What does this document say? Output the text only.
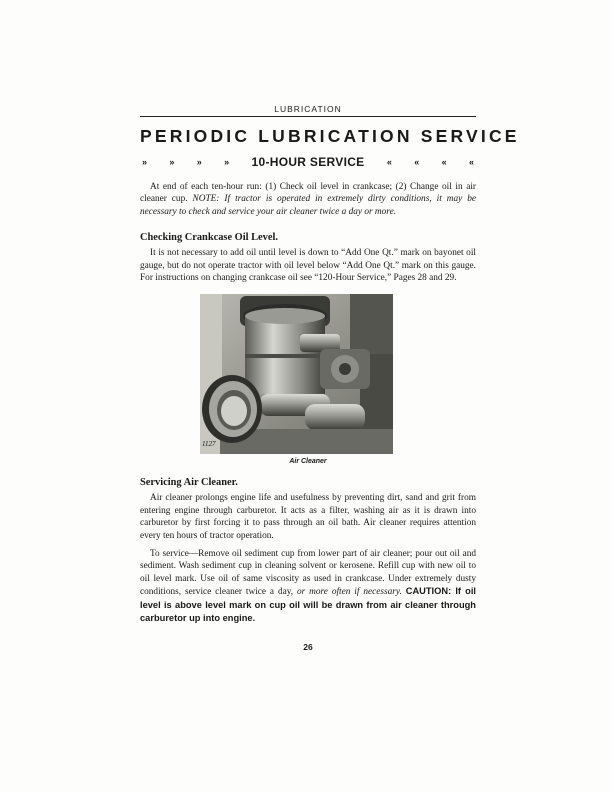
LUBRICATION
PERIODIC LUBRICATION SERVICE
» » » » 10-HOUR SERVICE « « « «

At end of each ten-hour run: (1) Check oil level in crankcase; (2) Change oil in air cleaner cup. NOTE: If tractor is operated in extremely dirty conditions, it may be necessary to check and service your air cleaner twice a day or more.

Checking Crankcase Oil Level.

It is not necessary to add oil until level is down to “Add One Qt.” mark on bayonet oil gauge, but do not operate tractor with oil level below “Add One Qt.” mark on this gauge. For instructions on changing crankcase oil see “120-Hour Service,” Pages 28 and 29.

1127
Air Cleaner
Servicing Air Cleaner.

Air cleaner prolongs engine life and usefulness by preventing dirt, sand and grit from entering engine through carburetor. It acts as a filter, washing air as it is drawn into carburetor by first forcing it to pass through an oil bath. Air cleaner requires attention every ten hours of tractor operation.

To service—Remove oil sediment cup from lower part of air cleaner; pour out oil and sediment. Wash sediment cup in cleaning solvent or kerosene. Refill cup with new oil to oil level mark. Use oil of same viscosity as used in crankcase. Under extremely dusty conditions, service cleaner twice a day, or more often if necessary. CAUTION: If oil level is above level mark on cup oil will be drawn from air cleaner through carburetor up into engine.

26
